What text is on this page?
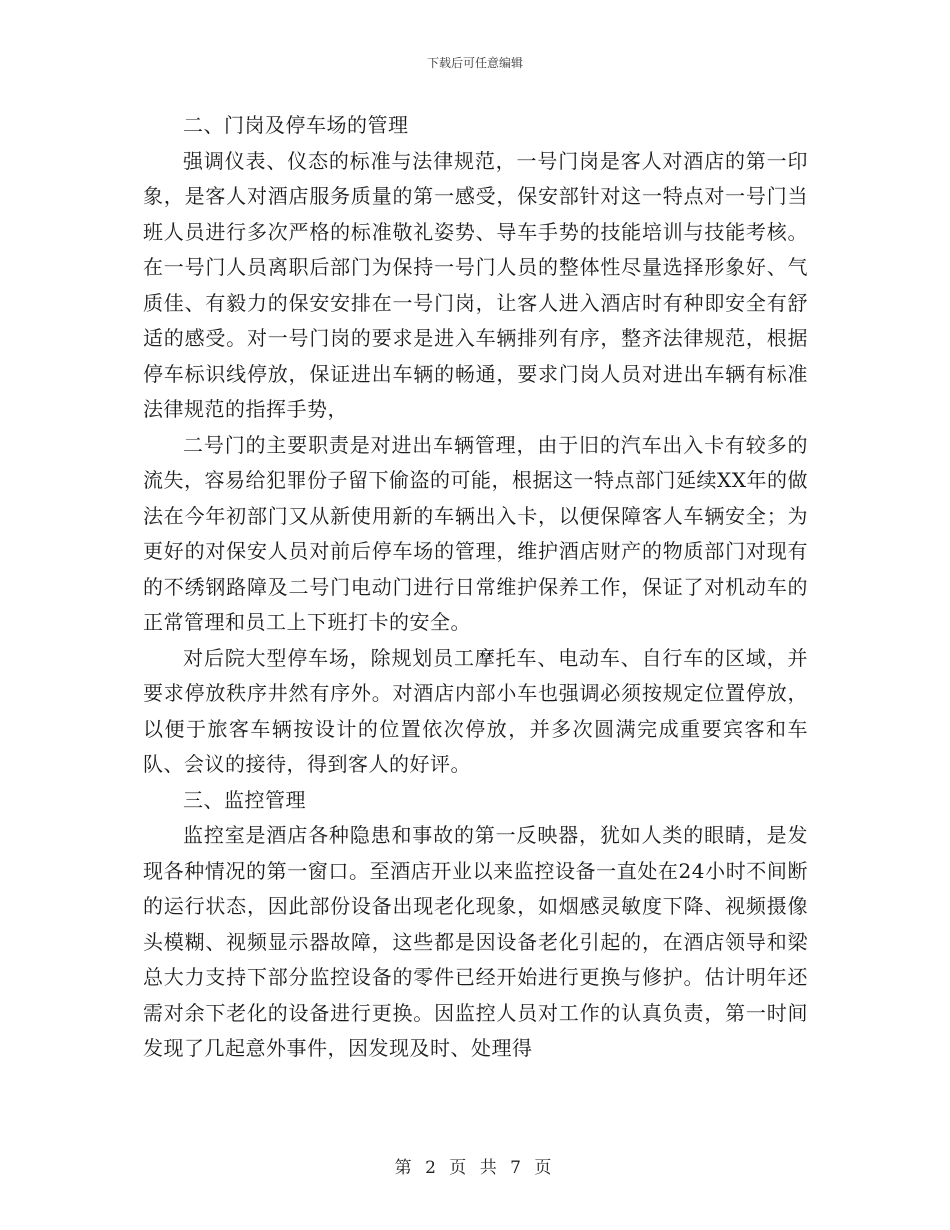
下载后可任意编辑

二、门岗及停车场的管理

强调仪表、仪态的标准与法律规范，一号门岗是客人对酒店的第一印象，是客人对酒店服务质量的第一感受，保安部针对这一特点对一号门当班人员进行多次严格的标准敬礼姿势、导车手势的技能培训与技能考核。在一号门人员离职后部门为保持一号门人员的整体性尽量选择形象好、气质佳、有毅力的保安安排在一号门岗，让客人进入酒店时有种即安全有舒适的感受。对一号门岗的要求是进入车辆排列有序，整齐法律规范，根据停车标识线停放，保证进出车辆的畅通，要求门岗人员对进出车辆有标准法律规范的指挥手势，

二号门的主要职责是对进出车辆管理，由于旧的汽车出入卡有较多的流失，容易给犯罪份子留下偷盗的可能，根据这一特点部门延续XX年的做法在今年初部门又从新使用新的车辆出入卡，以便保障客人车辆安全；为更好的对保安人员对前后停车场的管理，维护酒店财产的物质部门对现有的不绣钢路障及二号门电动门进行日常维护保养工作，保证了对机动车的正常管理和员工上下班打卡的安全。

对后院大型停车场，除规划员工摩托车、电动车、自行车的区域，并要求停放秩序井然有序外。对酒店内部小车也强调必须按规定位置停放，以便于旅客车辆按设计的位置依次停放，并多次圆满完成重要宾客和车队、会议的接待，得到客人的好评。

三、监控管理

监控室是酒店各种隐患和事故的第一反映器，犹如人类的眼睛，是发现各种情况的第一窗口。至酒店开业以来监控设备一直处在24小时不间断的运行状态，因此部份设备出现老化现象，如烟感灵敏度下降、视频摄像头模糊、视频显示器故障，这些都是因设备老化引起的，在酒店领导和梁总大力支持下部分监控设备的零件已经开始进行更换与修护。估计明年还需对余下老化的设备进行更换。因监控人员对工作的认真负责，第一时间发现了几起意外事件，因发现及时、处理得

第 2 页 共 7 页
